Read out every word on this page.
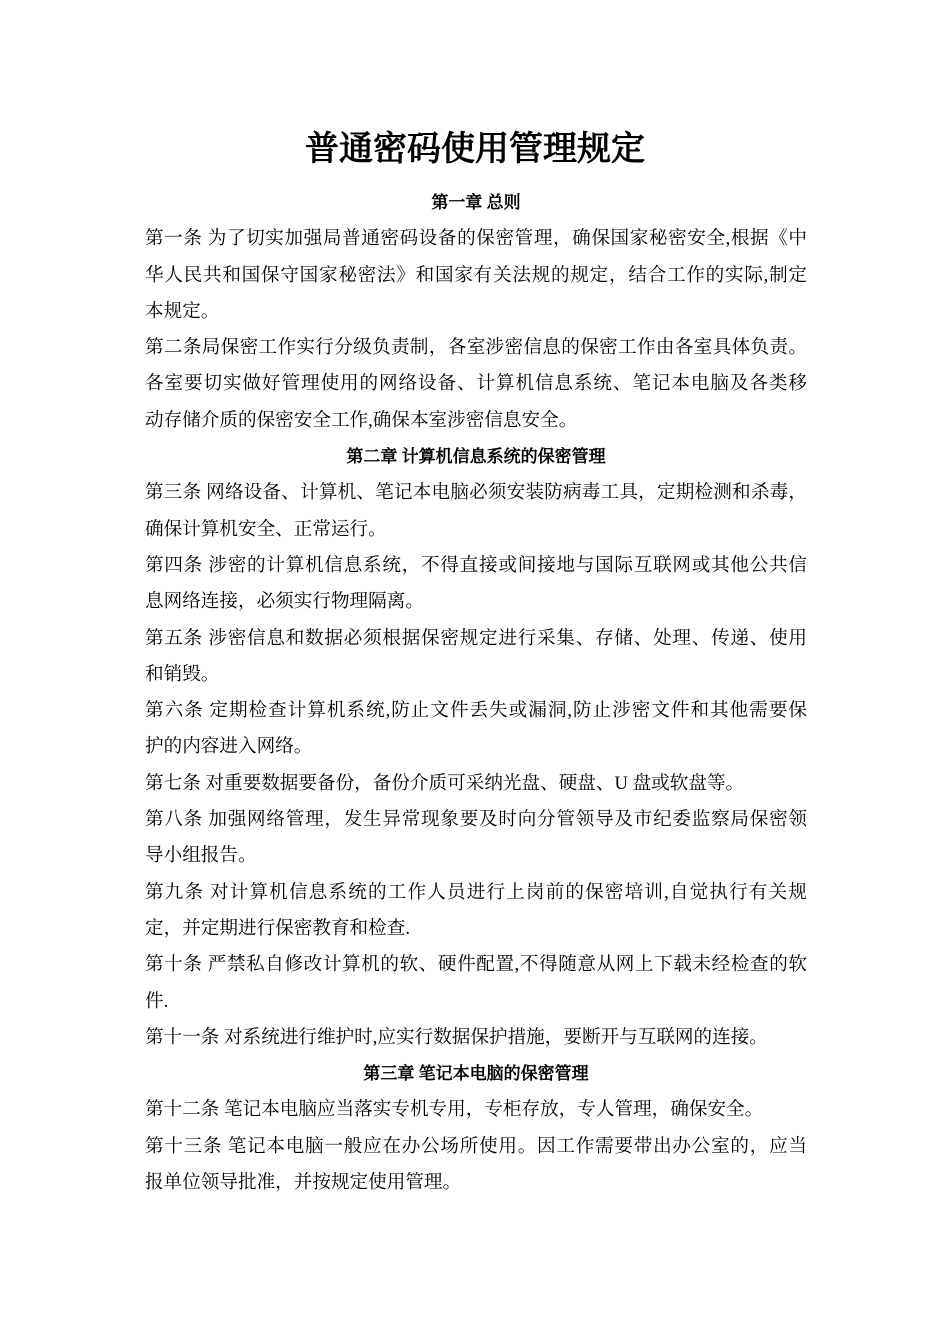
普通密码使用管理规定
第一章 总则
第一条 为了切实加强局普通密码设备的保密管理，确保国家秘密安全,根据《中
华人民共和国保守国家秘密法》和国家有关法规的规定，结合工作的实际,制定
本规定。
第二条局保密工作实行分级负责制，各室涉密信息的保密工作由各室具体负责。
各室要切实做好管理使用的网络设备、计算机信息系统、笔记本电脑及各类移
动存储介质的保密安全工作,确保本室涉密信息安全。
第二章 计算机信息系统的保密管理
第三条 网络设备、计算机、笔记本电脑必须安装防病毒工具，定期检测和杀毒，
确保计算机安全、正常运行。
第四条 涉密的计算机信息系统，不得直接或间接地与国际互联网或其他公共信
息网络连接，必须实行物理隔离。
第五条 涉密信息和数据必须根据保密规定进行采集、存储、处理、传递、使用
和销毁。
第六条 定期检查计算机系统,防止文件丢失或漏洞,防止涉密文件和其他需要保
护的内容进入网络。
第七条 对重要数据要备份，备份介质可采纳光盘、硬盘、U 盘或软盘等。
第八条 加强网络管理，发生异常现象要及时向分管领导及市纪委监察局保密领
导小组报告。
第九条 对计算机信息系统的工作人员进行上岗前的保密培训,自觉执行有关规
定，并定期进行保密教育和检查.
第十条 严禁私自修改计算机的软、硬件配置,不得随意从网上下载未经检查的软
件.
第十一条 对系统进行维护时,应实行数据保护措施，要断开与互联网的连接。
第三章 笔记本电脑的保密管理
第十二条 笔记本电脑应当落实专机专用，专柜存放，专人管理，确保安全。
第十三条 笔记本电脑一般应在办公场所使用。因工作需要带出办公室的，应当
报单位领导批准，并按规定使用管理。
